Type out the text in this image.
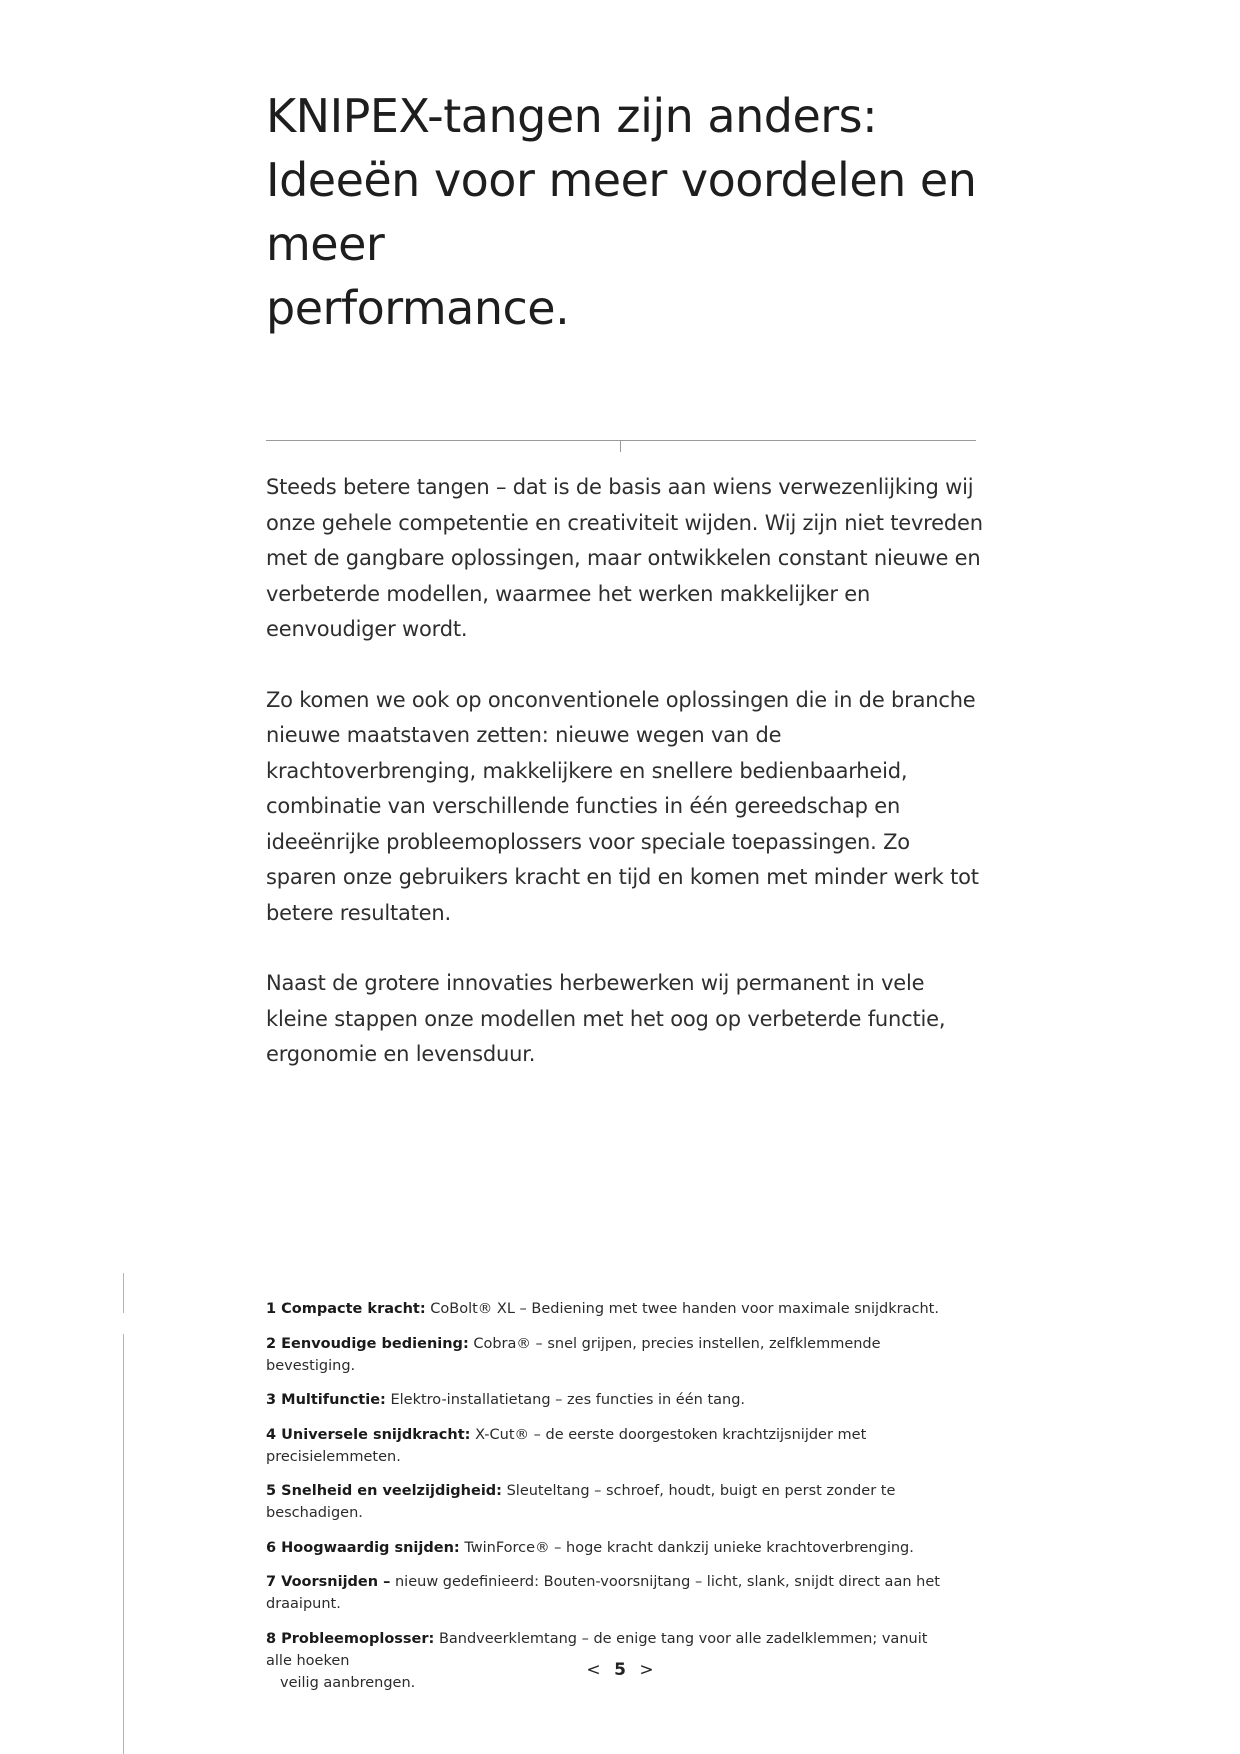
KNIPEX-tangen zijn anders:
Ideeën voor meer voordelen en meer
performance.

Steeds betere tangen – dat is de basis aan wiens verwezenlijking wij onze gehele competentie en creativiteit wijden. Wij zijn niet tevreden met de gangbare oplossingen, maar ontwikkelen constant nieuwe en verbeterde modellen, waarmee het werken makkelijker en eenvoudiger wordt.

Zo komen we ook op onconventionele oplossingen die in de branche nieuwe maatstaven zetten: nieuwe wegen van de krachtoverbrenging, makkelijkere en snellere bedienbaarheid, combinatie van verschillende functies in één gereedschap en ideeënrijke probleemoplossers voor speciale toepassingen. Zo sparen onze gebruikers kracht en tijd en komen met minder werk tot betere resultaten.

Naast de grotere innovaties herbewerken wij permanent in vele kleine stappen onze modellen met het oog op verbeterde functie, ergonomie en levensduur.

1 Compacte kracht: CoBolt® XL – Bediening met twee handen voor maximale snijdkracht.
2 Eenvoudige bediening: Cobra® – snel grijpen, precies instellen, zelfklemmende bevestiging.
3 Multifunctie: Elektro-installatietang – zes functies in één tang.
4 Universele snijdkracht: X-Cut® – de eerste doorgestoken krachtzijsnijder met precisielemmeten.
5 Snelheid en veelzijdigheid: Sleuteltang – schroef, houdt, buigt en perst zonder te beschadigen.
6 Hoogwaardig snijden: TwinForce® – hoge kracht dankzij unieke krachtoverbrenging.
7 Voorsnijden – nieuw gedefinieerd: Bouten-voorsnijtang – licht, slank, snijdt direct aan het draaipunt.
8 Probleemoplosser: Bandveerklemtang – de enige tang voor alle zadelklemmen; vanuit alle hoeken
veilig aanbrengen.
< 5 >
